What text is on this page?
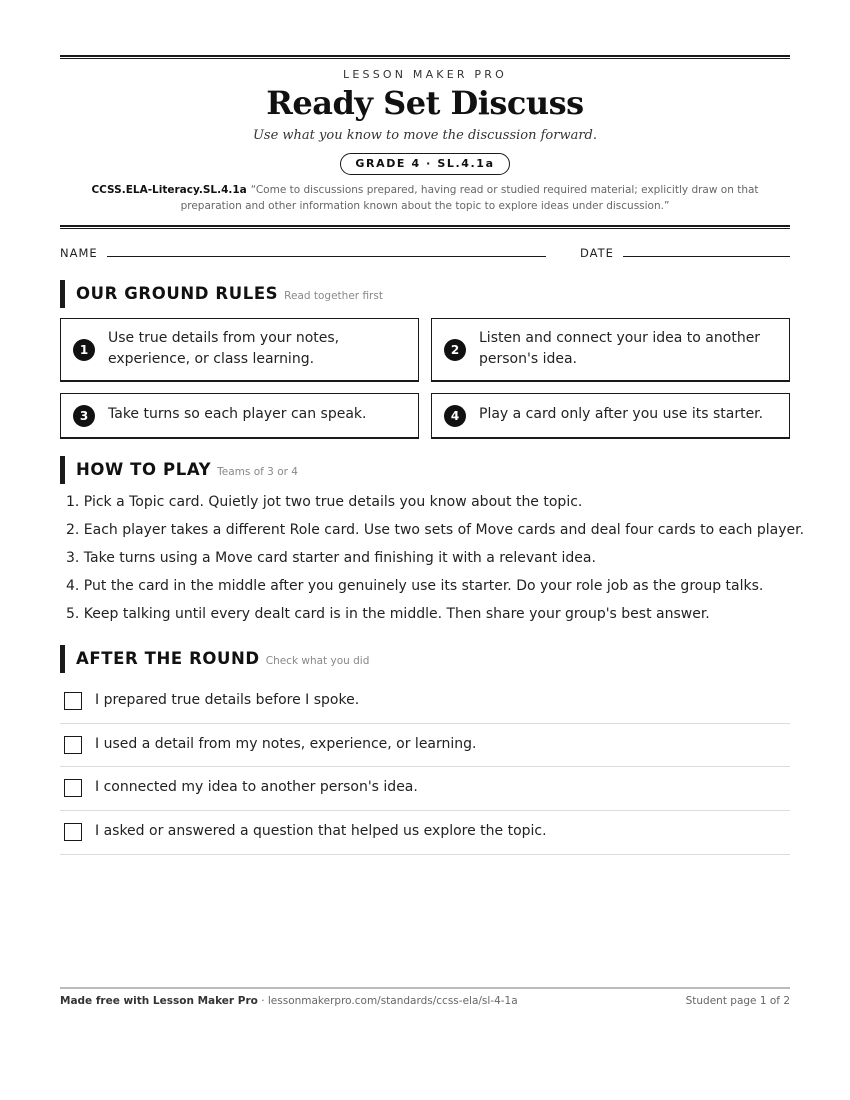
LESSON MAKER PRO
Ready Set Discuss
Use what you know to move the discussion forward.
GRADE 4 · SL.4.1a
CCSS.ELA-Literacy.SL.4.1a “Come to discussions prepared, having read or studied required material; explicitly draw on that preparation and other information known about the topic to explore ideas under discussion.”
NAME	DATE
OUR GROUND RULES Read together first
1
Use true details from your notes, experience, or class learning.
2
Listen and connect your idea to another person's idea.
3	Take turns so each player can speak.	4	Play a card only after you use its starter.
HOW TO PLAY Teams of 3 or 4
1. Pick a Topic card. Quietly jot two true details you know about the topic.
2. Each player takes a different Role card. Use two sets of Move cards and deal four cards to each player.
3. Take turns using a Move card starter and finishing it with a relevant idea.
4. Put the card in the middle after you genuinely use its starter. Do your role job as the group talks.
5. Keep talking until every dealt card is in the middle. Then share your group's best answer.
AFTER THE ROUND Check what you did
I prepared true details before I spoke.
I used a detail from my notes, experience, or learning.
I connected my idea to another person's idea.
I asked or answered a question that helped us explore the topic.
Made free with Lesson Maker Pro · lessonmakerpro.com/standards/ccss-ela/sl-4-1a	Student page 1 of 2
